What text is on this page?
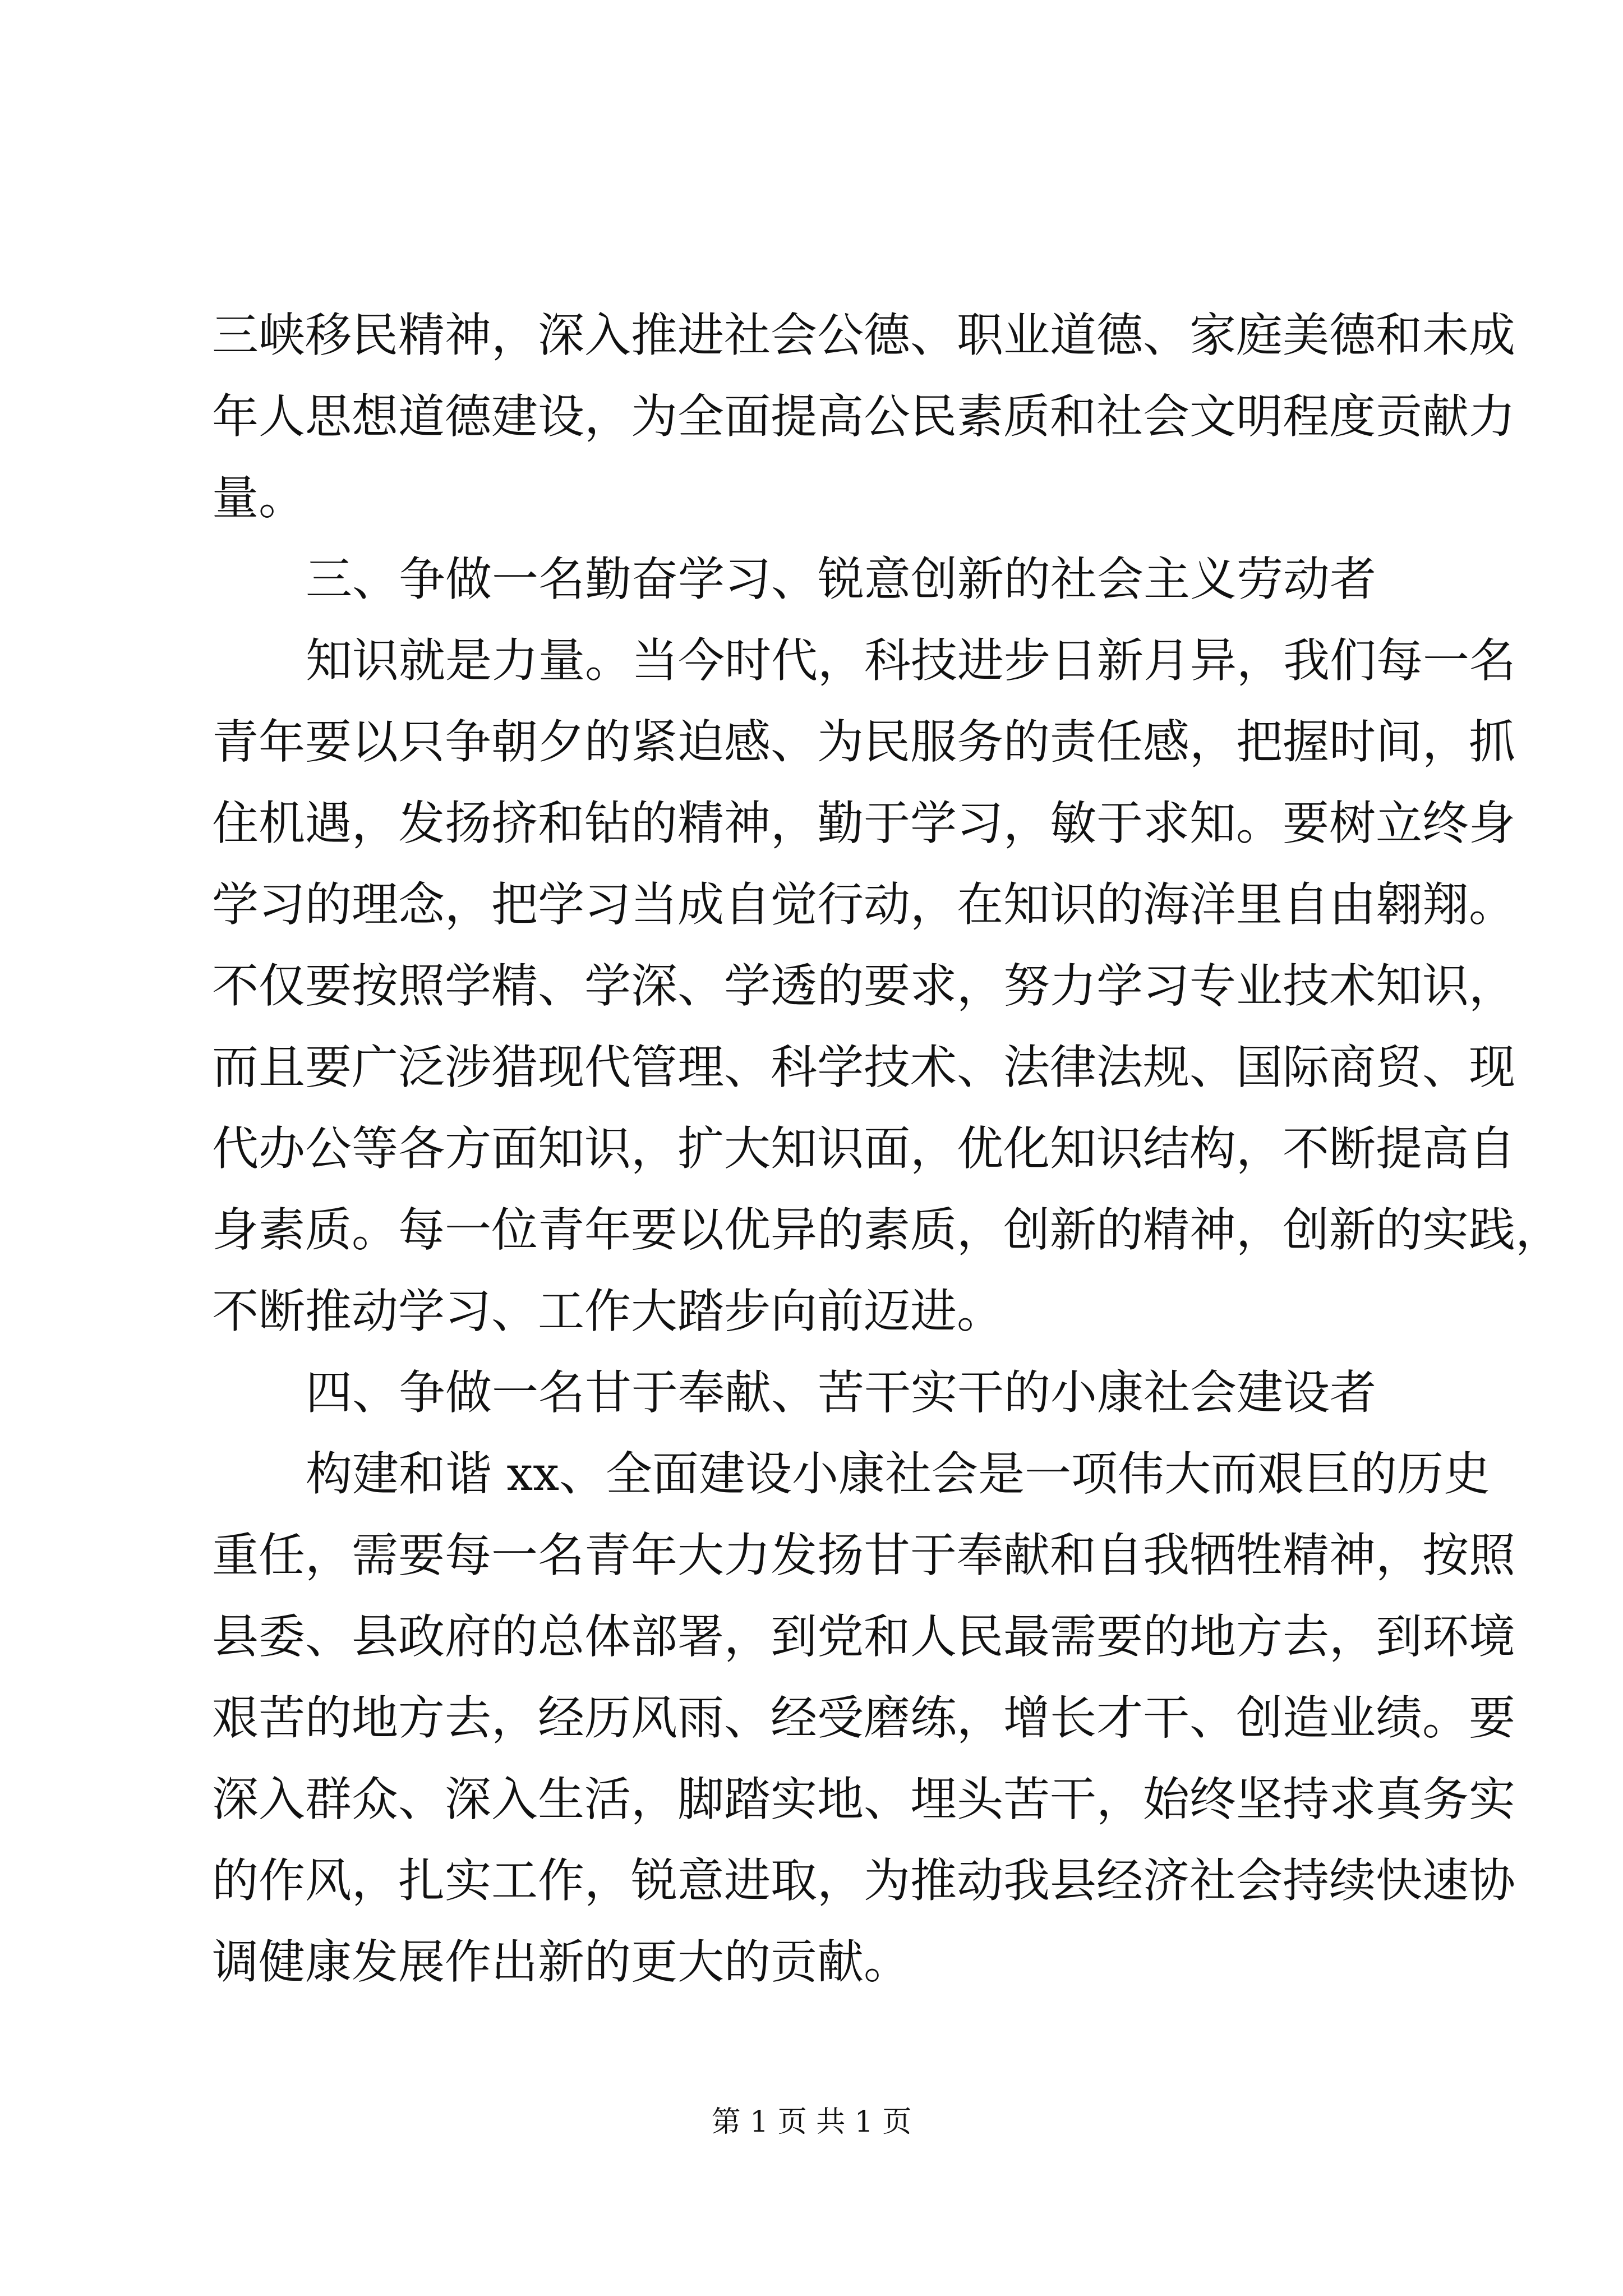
三峡移民精神，深入推进社会公德、职业道德、家庭美德和未成
年人思想道德建设，为全面提高公民素质和社会文明程度贡献力
量。
三、争做一名勤奋学习、锐意创新的社会主义劳动者
知识就是力量。当今时代，科技进步日新月异，我们每一名
青年要以只争朝夕的紧迫感、为民服务的责任感，把握时间，抓
住机遇，发扬挤和钻的精神，勤于学习，敏于求知。要树立终身
学习的理念，把学习当成自觉行动，在知识的海洋里自由翱翔。
不仅要按照学精、学深、学透的要求，努力学习专业技术知识，
而且要广泛涉猎现代管理、科学技术、法律法规、国际商贸、现
代办公等各方面知识，扩大知识面，优化知识结构，不断提高自
身素质。每一位青年要以优异的素质，创新的精神，创新的实践，
不断推动学习、工作大踏步向前迈进。
四、争做一名甘于奉献、苦干实干的小康社会建设者
构建和谐 xx、全面建设小康社会是一项伟大而艰巨的历史
重任，需要每一名青年大力发扬甘于奉献和自我牺牲精神，按照
县委、县政府的总体部署，到党和人民最需要的地方去，到环境
艰苦的地方去，经历风雨、经受磨练，增长才干、创造业绩。要
深入群众、深入生活，脚踏实地、埋头苦干，始终坚持求真务实
的作风，扎实工作，锐意进取，为推动我县经济社会持续快速协
调健康发展作出新的更大的贡献。
第 1 页 共 1 页
